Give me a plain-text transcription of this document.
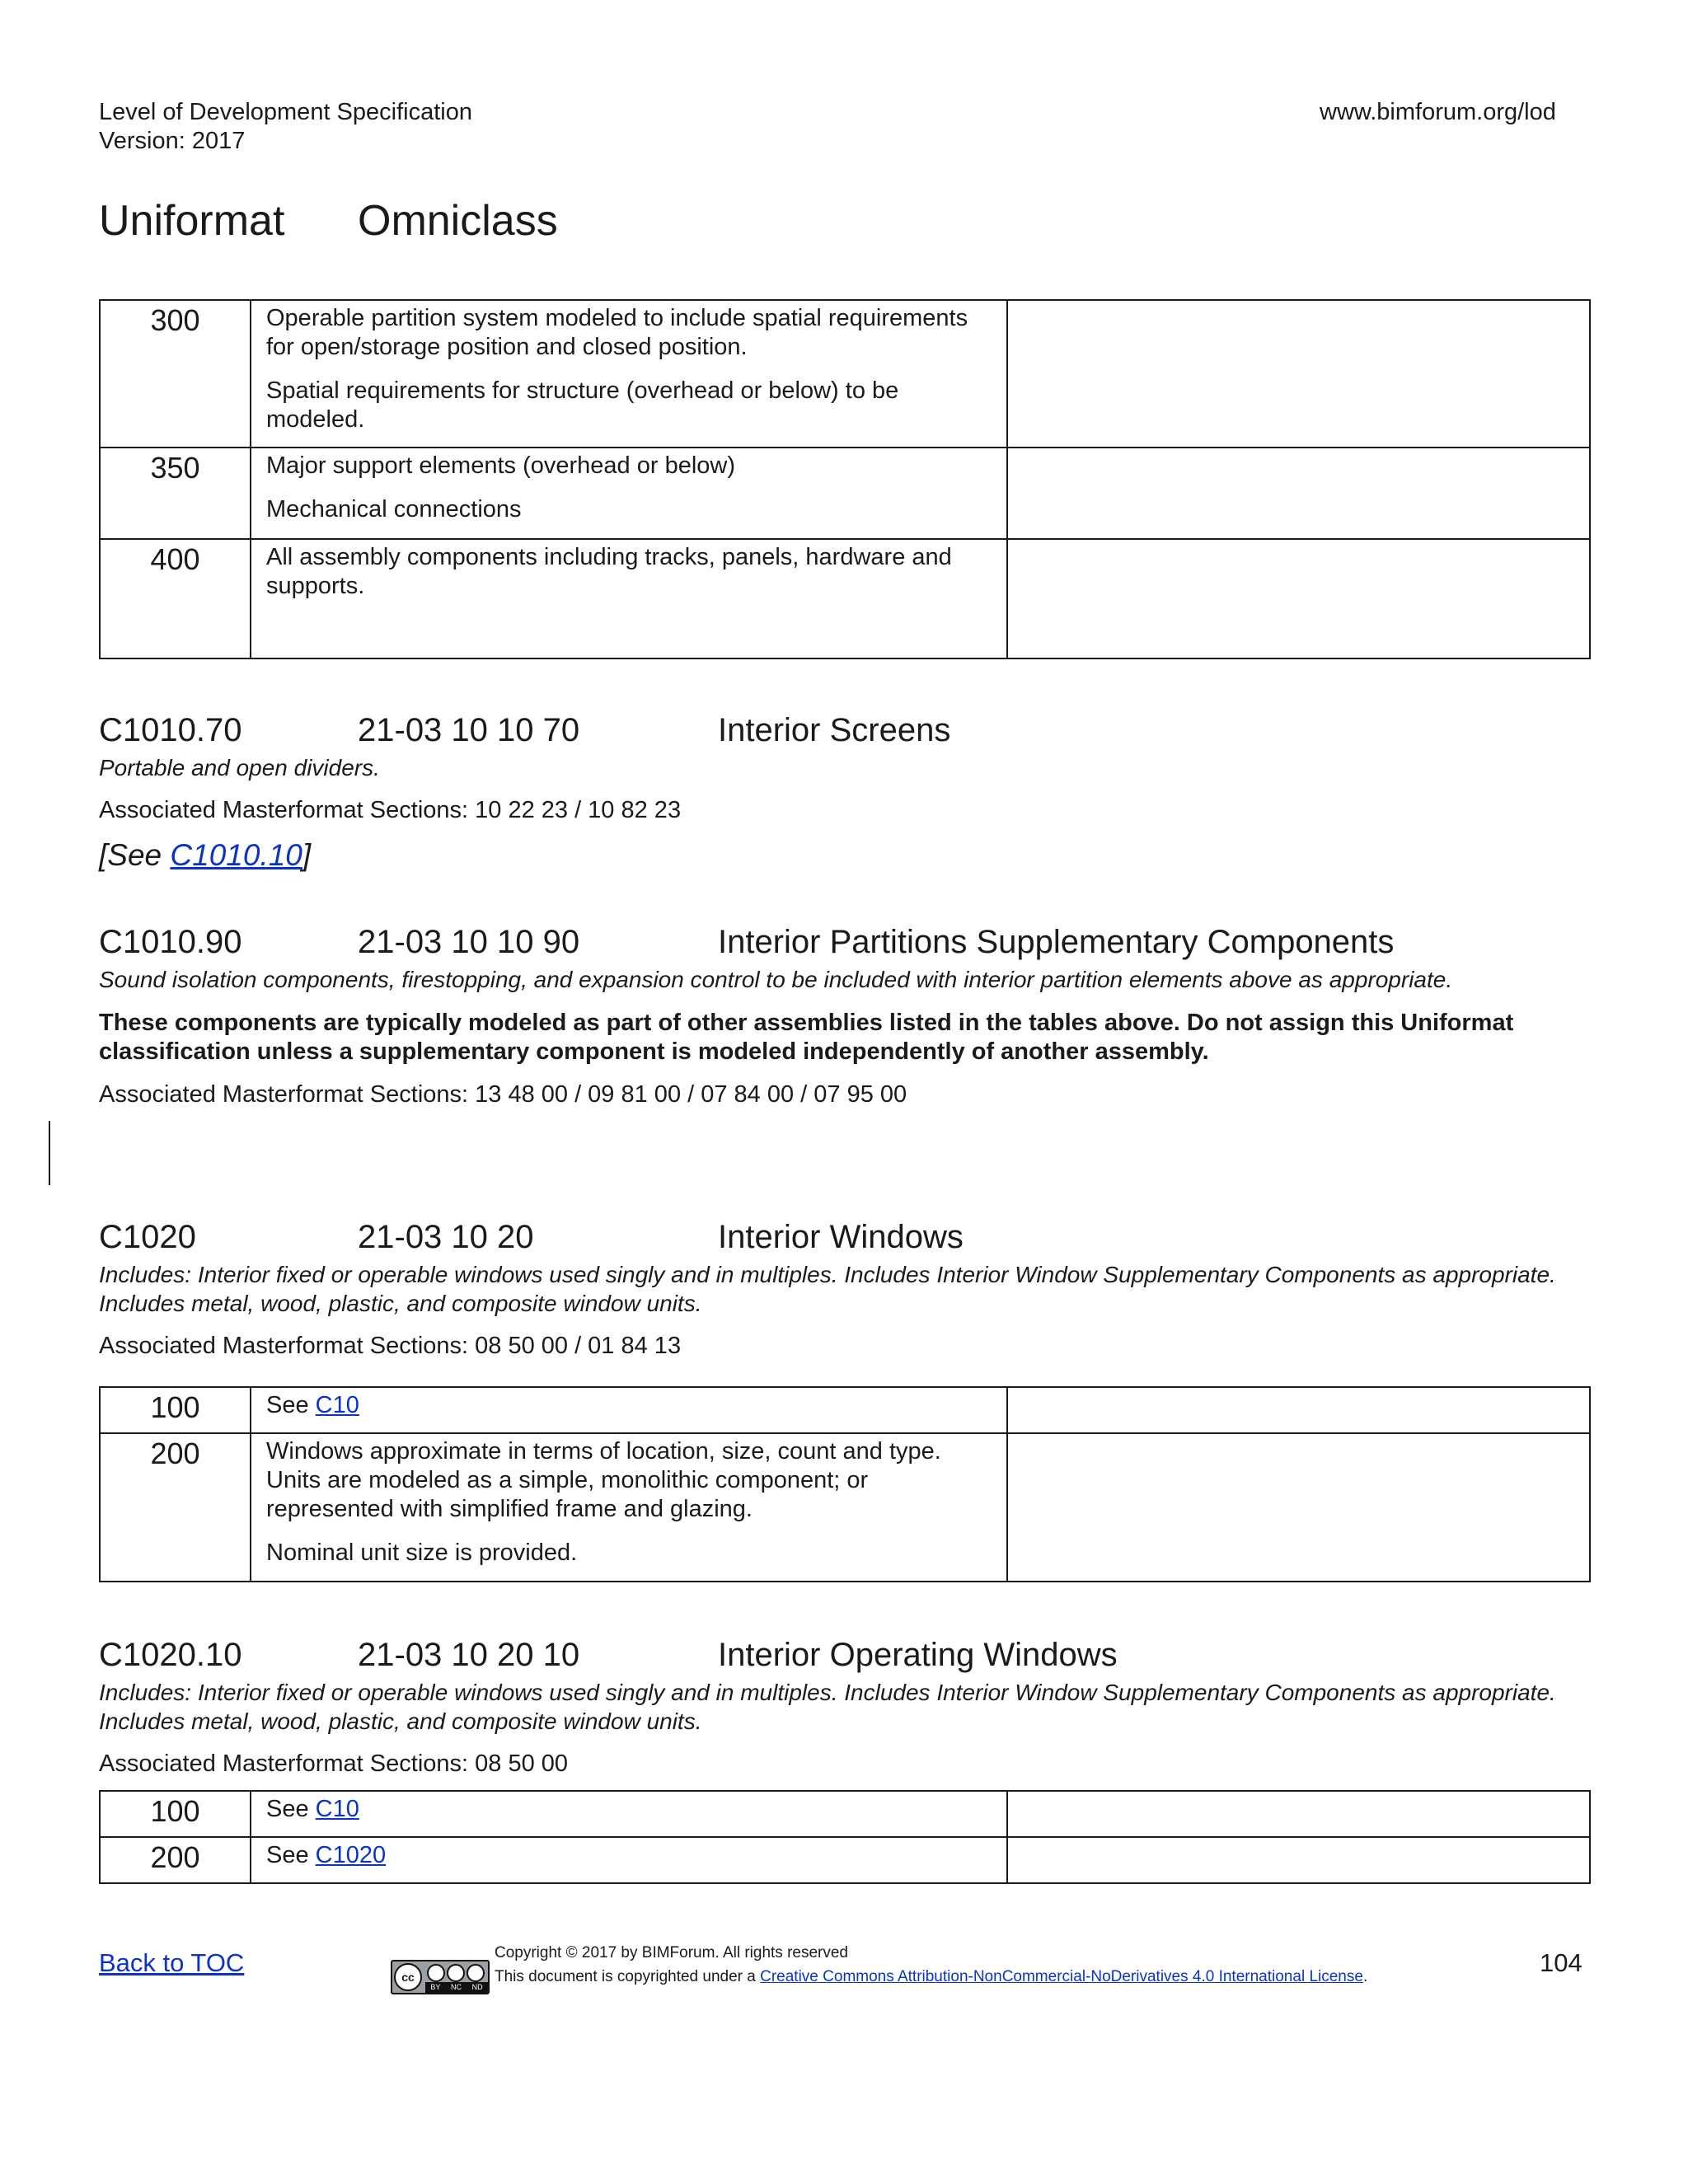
Level of Development Specification
Version: 2017
www.bimforum.org/lod
Uniformat Omniclass
300	Operable partition system modeled to include spatial requirements for open/storage position and closed position.

Spatial requirements for structure (overhead or below) to be modeled.	

350	Major support elements (overhead or below)

Mechanical connections	

400	All assembly components including tracks, panels, hardware and supports.	

C1010.70	21-03 10 10 70	Interior Screens
Portable and open dividers.
Associated Masterformat Sections: 10 22 23 / 10 82 23
[See C1010.10]
C1010.90	21-03 10 10 90	Interior Partitions Supplementary Components
Sound isolation components, firestopping, and expansion control to be included with interior partition elements above as appropriate.
These components are typically modeled as part of other assemblies listed in the tables above. Do not assign this Uniformat classification unless a supplementary component is modeled independently of another assembly.
Associated Masterformat Sections: 13 48 00 / 09 81 00 / 07 84 00 / 07 95 00
C1020	21-03 10 20	Interior Windows
Includes: Interior fixed or operable windows used singly and in multiples. Includes Interior Window Supplementary Components as appropriate. Includes metal, wood, plastic, and composite window units.
Associated Masterformat Sections: 08 50 00 / 01 84 13
100	See C10	

200	Windows approximate in terms of location, size, count and type. Units are modeled as a simple, monolithic component; or represented with simplified frame and glazing.

Nominal unit size is provided.	

C1020.10	21-03 10 20 10	Interior Operating Windows
Includes: Interior fixed or operable windows used singly and in multiples. Includes Interior Window Supplementary Components as appropriate. Includes metal, wood, plastic, and composite window units.
Associated Masterformat Sections: 08 50 00
100	See C10	

200	See C1020	

Back to TOC	cc
BY NC ND
Copyright © 2017 by BIMForum. All rights reserved
This document is copyrighted under a Creative Commons Attribution-NonCommercial-NoDerivatives 4.0 International License.	104
